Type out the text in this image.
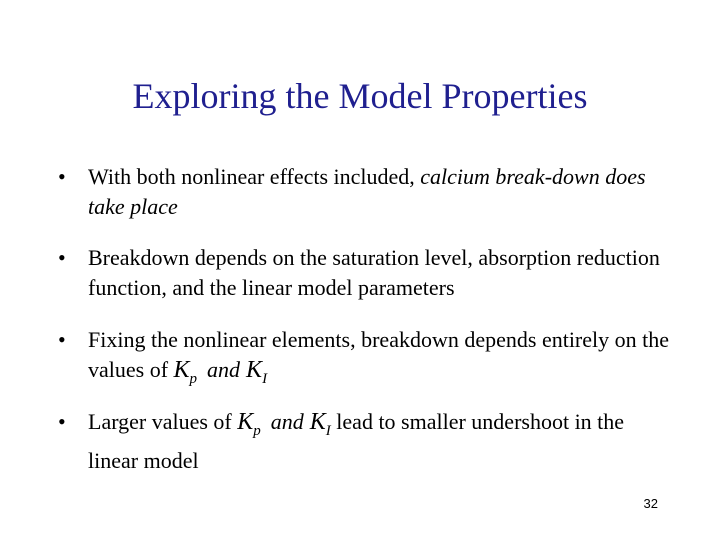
Exploring the Model Properties
•	With both nonlinear effects included, calcium break-down does take place
•	Breakdown depends on the saturation level, absorption reduction function, and the linear model parameters
•	Fixing the nonlinear elements, breakdown depends entirely on the values of $K_p$ and $K_I$
•	Larger values of $K_p$ and $K_I$ lead to smaller undershoot in the linear model
32
